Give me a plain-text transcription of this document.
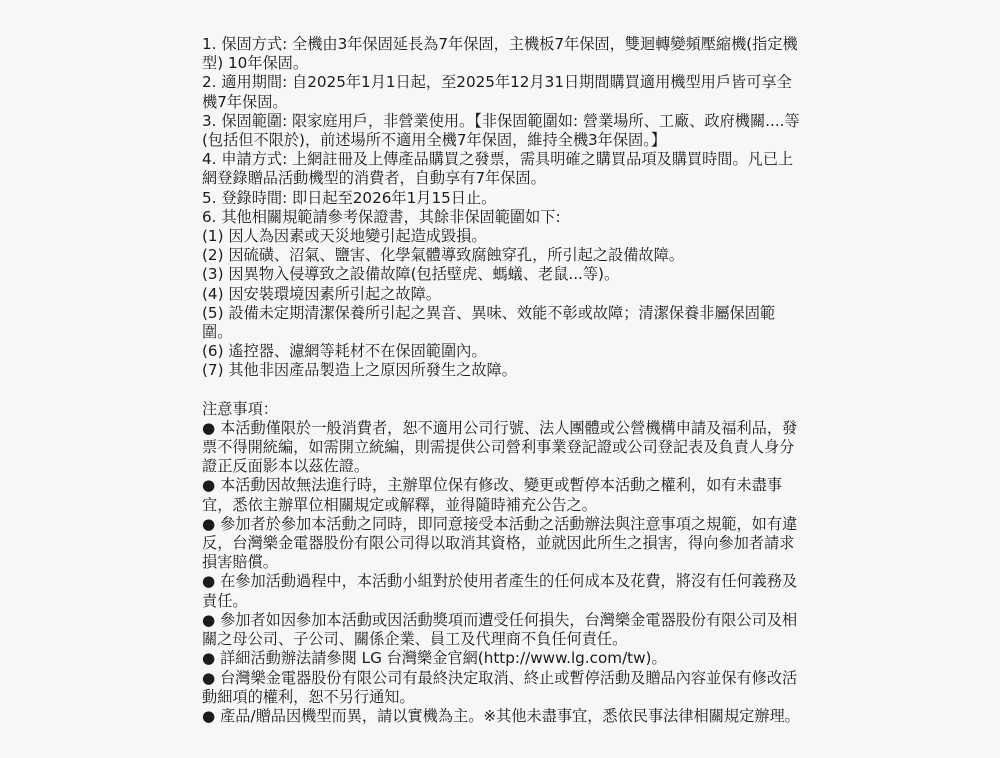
1. 保固方式: 全機由3年保固延長為7年保固，主機板7年保固，雙迴轉變頻壓縮機(指定機型) 10年保固。

2. 適用期間: 自2025年1月1日起，至2025年12月31日期間購買適用機型用戶皆可享全機7年保固。

3. 保固範圍: 限家庭用戶，非營業使用。【非保固範圍如: 營業場所、工廠、政府機關....等(包括但不限於)，前述場所不適用全機7年保固，維持全機3年保固。】

4. 申請方式: 上網註冊及上傳產品購買之發票，需具明確之購買品項及購買時間。凡已上網登錄贈品活動機型的消費者，自動享有7年保固。

5. 登錄時間: 即日起至2026年1月15日止。

6. 其他相關規範請參考保證書，其餘非保固範圍如下:

(1) 因人為因素或天災地變引起造成毀損。

(2) 因硫磺、沼氣、鹽害、化學氣體導致腐蝕穿孔，所引起之設備故障。

(3) 因異物入侵導致之設備故障(包括壁虎、螞蟻、老鼠...等)。

(4) 因安裝環境因素所引起之故障。

(5) 設備未定期清潔保養所引起之異音、異味、效能不彰或故障；清潔保養非屬保固範圍。

(6) 遙控器、濾網等耗材不在保固範圍內。

(7) 其他非因產品製造上之原因所發生之故障。

注意事項：

● 本活動僅限於一般消費者，恕不適用公司行號、法人團體或公營機構申請及福利品，發票不得開統編，如需開立統編，則需提供公司營利事業登記證或公司登記表及負責人身分證正反面影本以茲佐證。

● 本活動因故無法進行時，主辦單位保有修改、變更或暫停本活動之權利，如有未盡事宜，悉依主辦單位相關規定或解釋，並得隨時補充公告之。

● 參加者於參加本活動之同時，即同意接受本活動之活動辦法與注意事項之規範，如有違反，台灣樂金電器股份有限公司得以取消其資格，並就因此所生之損害，得向參加者請求損害賠償。

● 在參加活動過程中，本活動小組對於使用者產生的任何成本及花費，將沒有任何義務及責任。

● 參加者如因參加本活動或因活動獎項而遭受任何損失，台灣樂金電器股份有限公司及相關之母公司、子公司、關係企業、員工及代理商不負任何責任。

● 詳細活動辦法請參閱 LG 台灣樂金官網(http://www.lg.com/tw)。

● 台灣樂金電器股份有限公司有最終決定取消、終止或暫停活動及贈品內容並保有修改活動細項的權利，恕不另行通知。

● 產品/贈品因機型而異，請以實機為主。※其他未盡事宜，悉依民事法律相關規定辦理。
